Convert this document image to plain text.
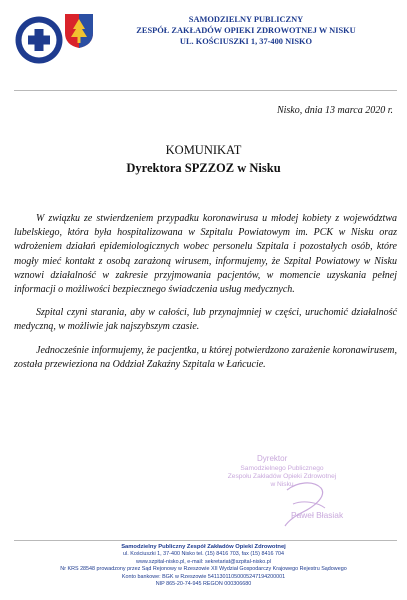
SAMODZIELNY PUBLICZNY
ZESPÓŁ ZAKŁADÓW OPIEKI ZDROWOTNEJ W NISKU
UL. KOŚCIUSZKI 1, 37-400 NISKO
Nisko, dnia 13 marca 2020 r.
KOMUNIKAT
Dyrektora SPZZOZ w Nisku

W związku ze stwierdzeniem przypadku koronawirusa u młodej kobiety z województwa lubelskiego, która była hospitalizowana w Szpitalu Powiatowym im. PCK w Nisku oraz wdrożeniem działań epidemiologicznych wobec personelu Szpitala i pozostałych osób, które mogły mieć kontakt z osobą zarażoną wirusem, informujemy, że Szpital Powiatowy w Nisku wznowi działalność w zakresie przyjmowania pacjentów, w momencie uzyskania pełnej informacji o możliwości bezpiecznego świadczenia usług medycznych.

Szpital czyni starania, aby w całości, lub przynajmniej w części, uruchomić działalność medyczną, w możliwie jak najszybszym czasie.

Jednocześnie informujemy, że pacjentka, u której potwierdzono zarażenie koronawirusem, została przewieziona na Oddział Zakaźny Szpitala w Łańcucie.

Dyrektor
Samodzielnego Publicznego
Zespołu Zakładów Opieki Zdrowotnej
w Nisku
Paweł Błasiak
Samodzielny Publiczny Zespół Zakładów Opieki Zdrowotnej
ul. Kościuszki 1, 37-400 Nisko tel. (15) 8416 703, fax (15) 8416 704
www.szpital-nisko.pl, e-mail: sekretariat@szpital-nisko.pl
Nr KRS 28548 prowadzony przez Sąd Rejonowy w Rzeszowie XII Wydział Gospodarczy Krajowego Rejestru Sądowego
Konto bankowe: BGK w Rzeszowie 54113011050005247194200001
NIP 865-20-74-945 REGON 000306680
